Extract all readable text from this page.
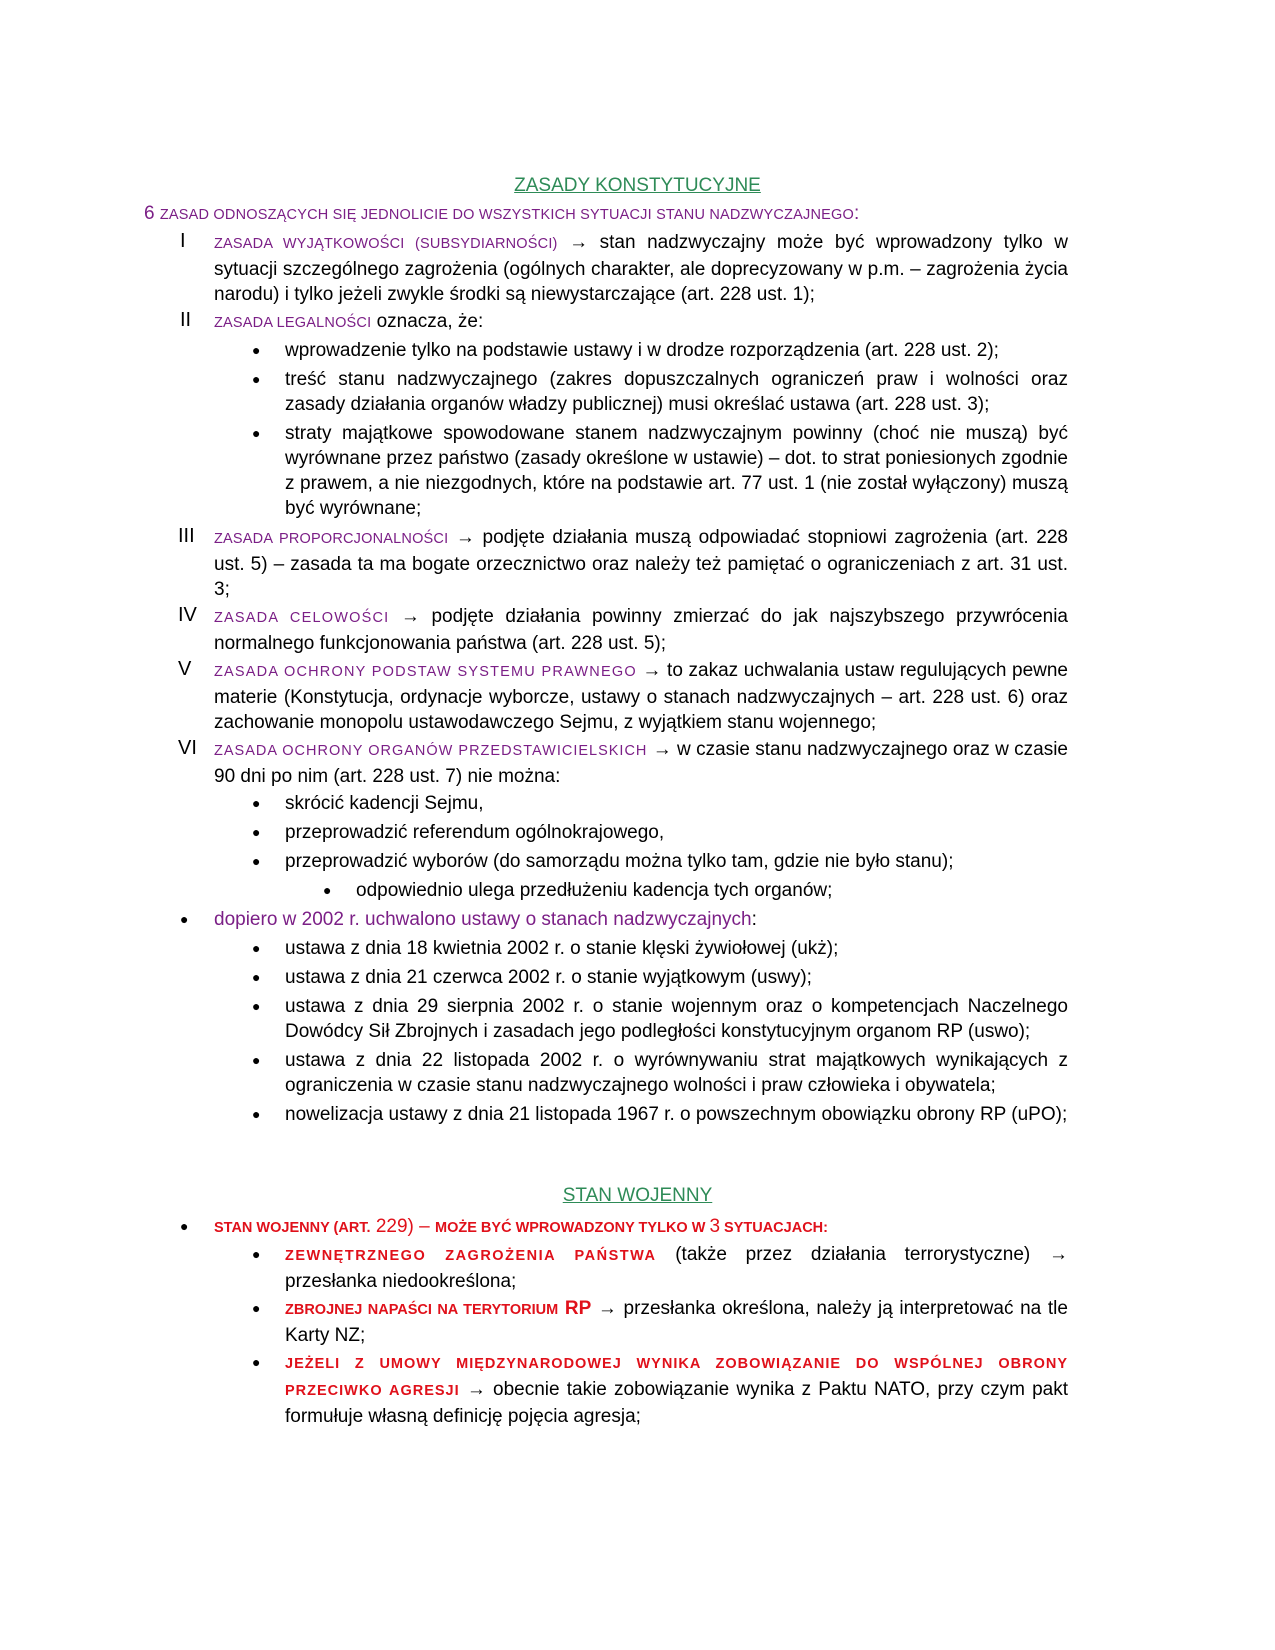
ZASADY KONSTYTUCYJNE
6 ZASAD ODNOSZĄCYCH SIĘ JEDNOLICIE DO WSZYSTKICH SYTUACJI STANU NADZWYCZAJNEGO:
I ZASADA WYJĄTKOWOŚCI (SUBSYDIARNOŚCI) → stan nadzwyczajny może być wprowadzony tylko w sytuacji szczególnego zagrożenia (ogólnych charakter, ale doprecyzowany w p.m. – zagrożenia życia narodu) i tylko jeżeli zwykle środki są niewystarczające (art. 228 ust. 1);
II ZASADA LEGALNOŚCI oznacza, że:
● wprowadzenie tylko na podstawie ustawy i w drodze rozporządzenia (art. 228 ust. 2);
● treść stanu nadzwyczajnego (zakres dopuszczalnych ograniczeń praw i wolności oraz zasady działania organów władzy publicznej) musi określać ustawa (art. 228 ust. 3);
● straty majątkowe spowodowane stanem nadzwyczajnym powinny (choć nie muszą) być wyrównane przez państwo (zasady określone w ustawie) – dot. to strat poniesionych zgodnie z prawem, a nie niezgodnych, które na podstawie art. 77 ust. 1 (nie został wyłączony) muszą być wyrównane;
III ZASADA PROPORCJONALNOŚCI → podjęte działania muszą odpowiadać stopniowi zagrożenia (art. 228 ust. 5) – zasada ta ma bogate orzecznictwo oraz należy też pamiętać o ograniczeniach z art. 31 ust. 3;
IV ZASADA CELOWOŚCI → podjęte działania powinny zmierzać do jak najszybszego przywrócenia normalnego funkcjonowania państwa (art. 228 ust. 5);
V ZASADA OCHRONY PODSTAW SYSTEMU PRAWNEGO → to zakaz uchwalania ustaw regulujących pewne materie (Konstytucja, ordynacje wyborcze, ustawy o stanach nadzwyczajnych – art. 228 ust. 6) oraz zachowanie monopolu ustawodawczego Sejmu, z wyjątkiem stanu wojennego;
VI ZASADA OCHRONY ORGANÓW PRZEDSTAWICIELSKICH → w czasie stanu nadzwyczajnego oraz w czasie 90 dni po nim (art. 228 ust. 7) nie można:
● skrócić kadencji Sejmu,
● przeprowadzić referendum ogólnokrajowego,
● przeprowadzić wyborów (do samorządu można tylko tam, gdzie nie było stanu);
● odpowiednio ulega przedłużeniu kadencja tych organów;
● dopiero w 2002 r. uchwalono ustawy o stanach nadzwyczajnych:
● ustawa z dnia 18 kwietnia 2002 r. o stanie klęski żywiołowej (ukż);
● ustawa z dnia 21 czerwca 2002 r. o stanie wyjątkowym (uswy);
● ustawa z dnia 29 sierpnia 2002 r. o stanie wojennym oraz o kompetencjach Naczelnego Dowódcy Sił Zbrojnych i zasadach jego podległości konstytucyjnym organom RP (uswo);
● ustawa z dnia 22 listopada 2002 r. o wyrównywaniu strat majątkowych wynikających z ograniczenia w czasie stanu nadzwyczajnego wolności i praw człowieka i obywatela;
● nowelizacja ustawy z dnia 21 listopada 1967 r. o powszechnym obowiązku obrony RP (uPO);
STAN WOJENNY
● STAN WOJENNY (ART. 229) – MOŻE BYĆ WPROWADZONY TYLKO W 3 SYTUACJACH:
● ZEWNĘTRZNEGO ZAGROŻENIA PAŃSTWA (także przez działania terrorystyczne) → przesłanka niedookreślona;
● ZBROJNEJ NAPAŚCI NA TERYTORIUM RP → przesłanka określona, należy ją interpretować na tle Karty NZ;
● JEŻELI Z UMOWY MIĘDZYNARODOWEJ WYNIKA ZOBOWIĄZANIE DO WSPÓLNEJ OBRONY PRZECIWKO AGRESJI → obecnie takie zobowiązanie wynika z Paktu NATO, przy czym pakt formułuje własną definicję pojęcia agresja;
